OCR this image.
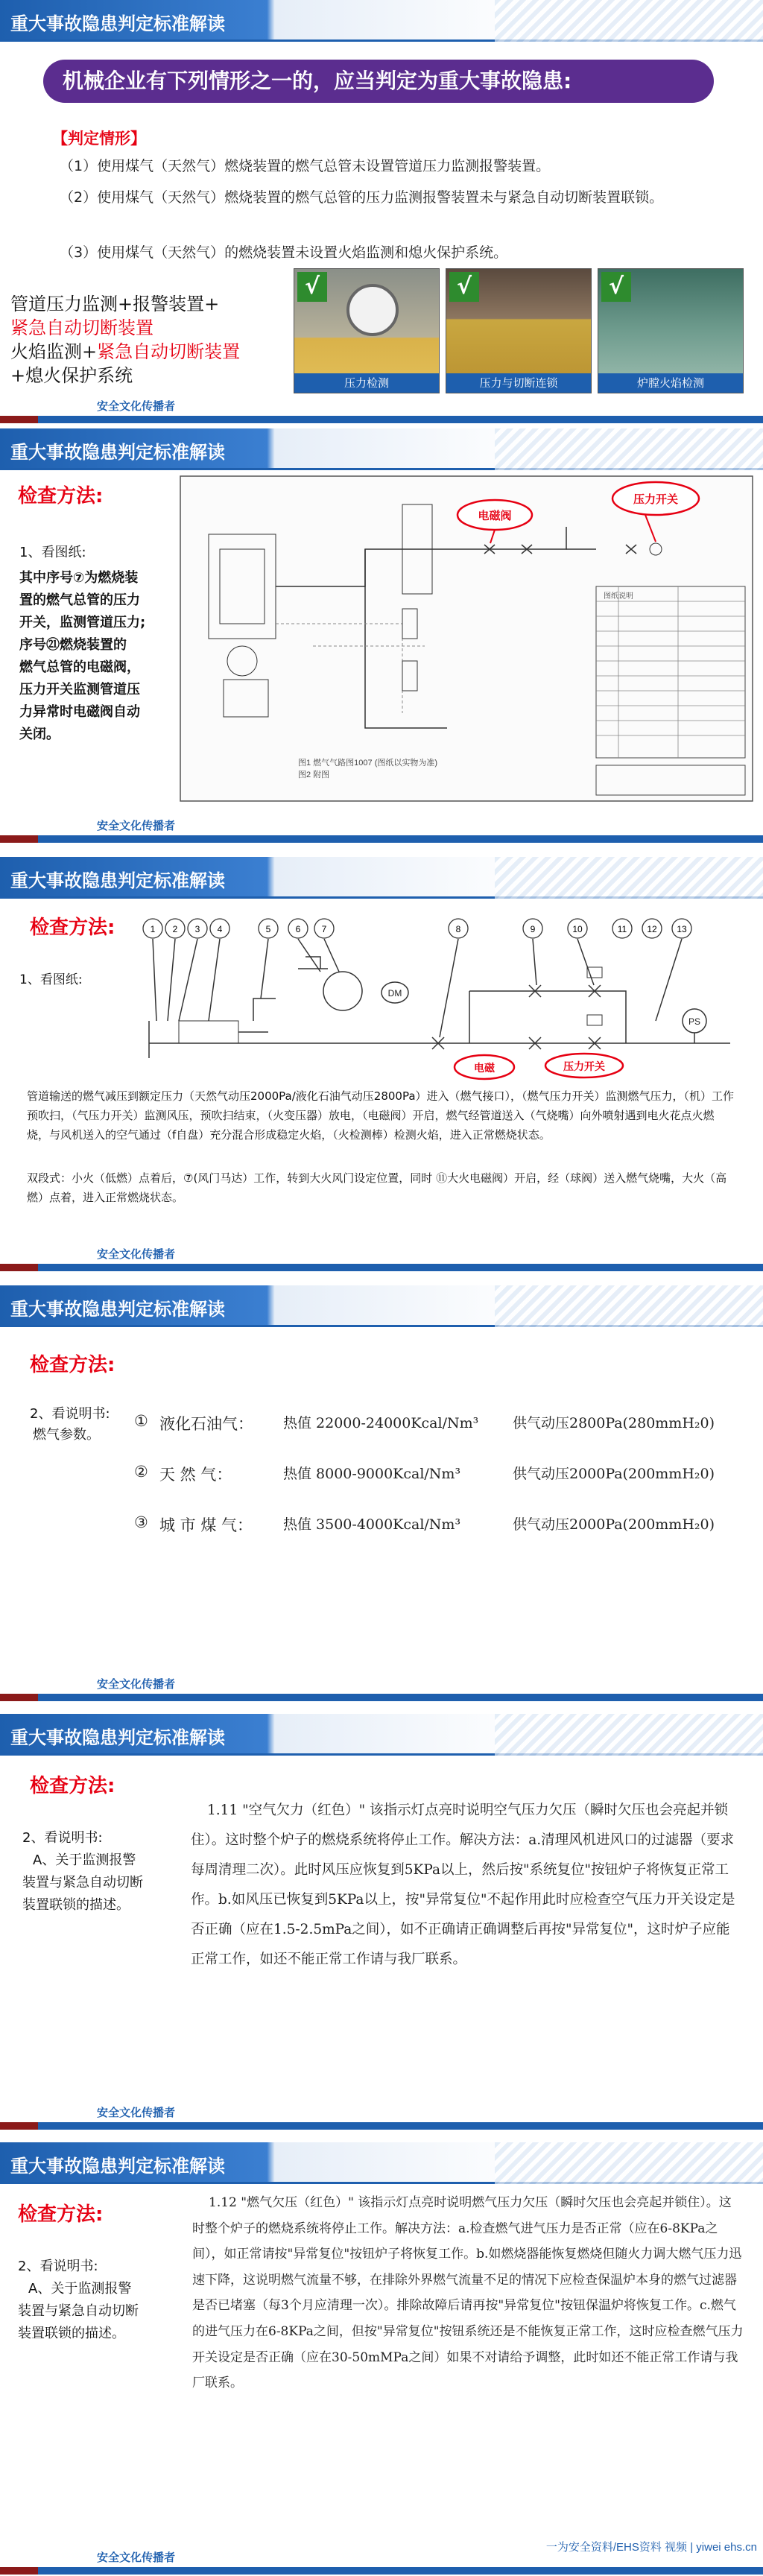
重大事故隐患判定标准解读
机械企业有下列情形之一的，应当判定为重大事故隐患:
【判定情形】
（1）使用煤气（天然气）燃烧装置的燃气总管未设置管道压力监测报警装置。
（2）使用煤气（天然气）燃烧装置的燃气总管的压力监测报警装置未与紧急自动切断装置联锁。
（3）使用煤气（天然气）的燃烧装置未设置火焰监测和熄火保护系统。
管道压力监测+报警装置+
紧急自动切断装置
火焰监测+紧急自动切断装置
+熄火保护系统
√
压力检测
√
压力与切断连锁
√
炉膛火焰检测
安全文化传播者
重大事故隐患判定标准解读
检查方法:
1、看图纸:
其中序号⑦为燃烧装
置的燃气总管的压力
开关，监测管道压力;
序号㉑燃烧装置的
燃气总管的电磁阀，
压力开关监测管道压
力异常时电磁阀自动
关闭。
图1 燃气气路图1007 (图纸以实物为准)
图2 附图
图纸说明
电磁阀
压力开关
安全文化传播者
重大事故隐患判定标准解读
检查方法:
1、看图纸:
1 2 3 4	5	6 7	8	9	10	11 12 13
DM
PS
电磁	压力开关
管道输送的燃气减压到额定压力（天然气动压2000Pa/液化石油气动压2800Pa）进入（燃气接口），（燃气压力开关）监测燃气压力，（机）工作预吹扫，（气压力开关）监测风压，预吹扫结束，（火变压器）放电，（电磁阀）开启，燃气经管道送入（气烧嘴）向外喷射遇到电火花点火燃烧，与风机送入的空气通过（f自盘）充分混合形成稳定火焰，（火检测棒）检测火焰，进入正常燃烧状态。
双段式：小火（低燃）点着后，⑦(风门马达）工作，转到大火风门设定位置，同时 ⑪大火电磁阀）开启，经（球阀）送入燃气烧嘴，大火（高燃）点着，进入正常燃烧状态。
安全文化传播者
重大事故隐患判定标准解读
检查方法:
2、看说明书:
燃气参数。
① 液化石油气： 热值 22000-24000Kcal/Nm³ 供气动压2800Pa(280mmH₂0)
② 天 然 气：	热值 8000-9000Kcal/Nm³	供气动压2000Pa(200mmH₂0)
③ 城 市 煤 气： 热值 3500-4000Kcal/Nm³	供气动压2000Pa(200mmH₂0)
安全文化传播者
重大事故隐患判定标准解读
检查方法:
2、看说明书:
A、关于监测报警
装置与紧急自动切断
装置联锁的描述。
1.11 "空气欠力（红色）" 该指示灯点亮时说明空气压力欠压（瞬时欠压也会亮起并锁住）。这时整个炉子的燃烧系统将停止工作。解决方法：a.清理风机进风口的过滤器（要求每周清理二次）。此时风压应恢复到5KPa以上，然后按"系统复位"按钮炉子将恢复正常工作。b.如风压已恢复到5KPa以上，按"异常复位"不起作用此时应检查空气压力开关设定是否正确（应在1.5-2.5mPa之间），如不正确请正确调整后再按"异常复位"，这时炉子应能正常工作，如还不能正常工作请与我厂联系。
安全文化传播者
重大事故隐患判定标准解读
检查方法:
2、看说明书:
A、关于监测报警
装置与紧急自动切断
装置联锁的描述。
1.12 "燃气欠压（红色）" 该指示灯点亮时说明燃气压力欠压（瞬时欠压也会亮起并锁住）。这时整个炉子的燃烧系统将停止工作。解决方法：a.检查燃气进气压力是否正常（应在6-8KPa之间），如正常请按"异常复位"按钮炉子将恢复工作。b.如燃烧器能恢复燃烧但随火力调大燃气压力迅速下降，这说明燃气流量不够，在排除外界燃气流量不足的情况下应检查保温炉本身的燃气过滤器是否已堵塞（每3个月应清理一次）。排除故障后请再按"异常复位"按钮保温炉将恢复工作。c.燃气的进气压力在6-8KPa之间，但按"异常复位"按钮系统还是不能恢复正常工作，这时应检查燃气压力开关设定是否正确（应在30-50mMPa之间）如果不对请给予调整，此时如还不能正常工作请与我厂联系。
一为安全资料/EHS资料 视频 | yiwei ehs.cn
安全文化传播者
